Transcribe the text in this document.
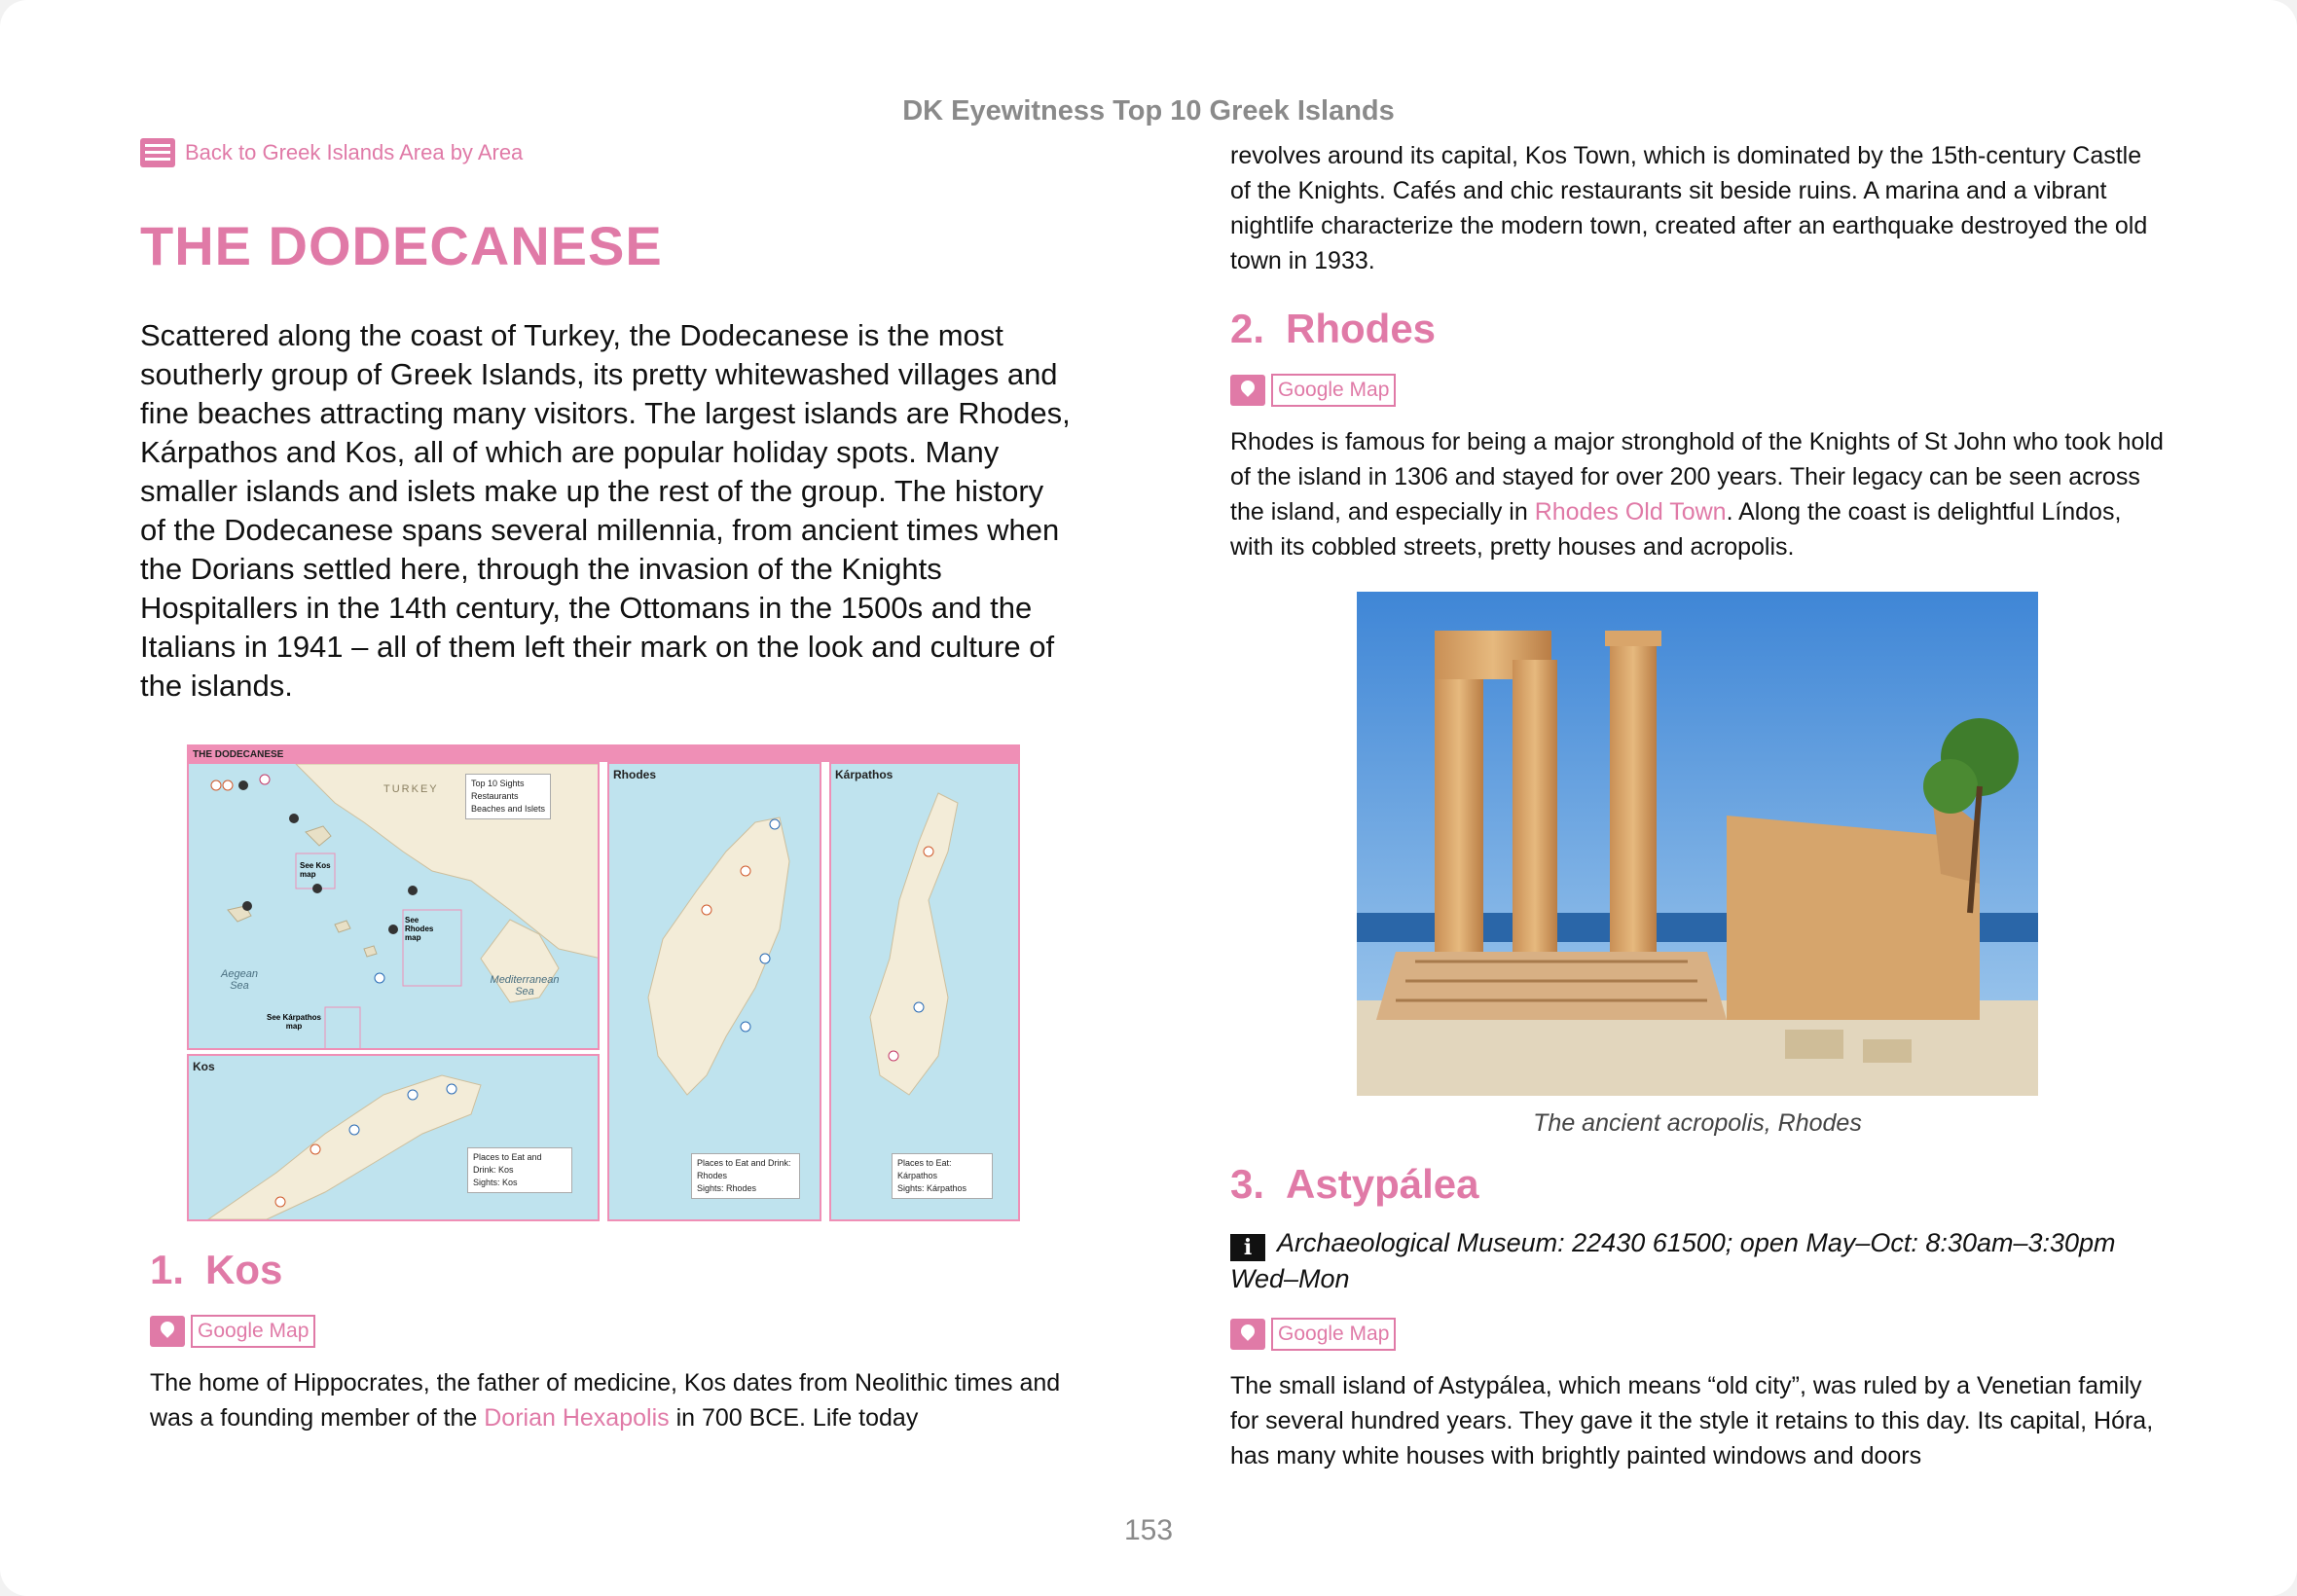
DK Eyewitness Top 10 Greek Islands
Back to Greek Islands Area by Area
THE DODECANESE
Scattered along the coast of Turkey, the Dodecanese is the most southerly group of Greek Islands, its pretty whitewashed villages and fine beaches attracting many visitors. The largest islands are Rhodes, Kárpathos and Kos, all of which are popular holiday spots. Many smaller islands and islets make up the rest of the group. The history of the Dodecanese spans several millennia, from ancient times when the Dorians settled here, through the invasion of the Knights Hospitallers in the 14th century, the Ottomans in the 1500s and the Italians in 1941 – all of them left their mark on the look and culture of the islands.
THE DODECANESE
TURKEY
Aegean Sea	Mediterranean Sea
See Kos map
See Rhodes map
See Kárpathos map
Top 10 Sights
Restaurants
Beaches and Islets
Kos
Places to Eat and Drink: Kos
Sights: Kos
Rhodes
Places to Eat and Drink: Rhodes
Sights: Rhodes
Kárpathos
Places to Eat: Kárpathos
Sights: Kárpathos
1. Kos
Google Map
The home of Hippocrates, the father of medicine, Kos dates from Neolithic times and was a founding member of the Dorian Hexapolis in 700 BCE. Life today
revolves around its capital, Kos Town, which is dominated by the 15th-century Castle of the Knights. Cafés and chic restaurants sit beside ruins. A marina and a vibrant nightlife characterize the modern town, created after an earthquake destroyed the old town in 1933.
2. Rhodes
Google Map
Rhodes is famous for being a major stronghold of the Knights of St John who took hold of the island in 1306 and stayed for over 200 years. Their legacy can be seen across the island, and especially in Rhodes Old Town. Along the coast is delightful Líndos, with its cobbled streets, pretty houses and acropolis.
The ancient acropolis, Rhodes
3. Astypálea
i Archaeological Museum: 22430 61500; open May–Oct: 8:30am–3:30pm Wed–Mon
Google Map
The small island of Astypálea, which means “old city”, was ruled by a Venetian family for several hundred years. They gave it the style it retains to this day. Its capital, Hóra, has many white houses with brightly painted windows and doors
153
